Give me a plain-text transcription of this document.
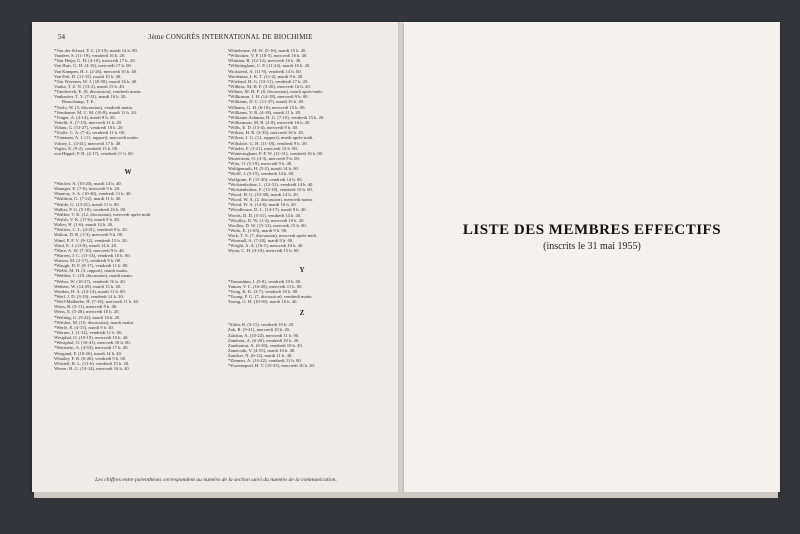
54	3ème CONGRÈS INTERNATIONAL DE BIOCHIMIE
*Van der Schaaf, P. C. (2-10), mardi 14 h. 00.
Vandeer, S. (11-19), vendredi 16 h. 20.
*Van Heijn, G. H. (4-10), mercredi 17 h. 20.
Van Huis, G. H. (4-10), mercredi 17 h. 00.
Van Kampen, H. J. (2-26), mercredi 10 h. 40.
Van Pelt, D. (11-15), mardi 10 h. 40.
*Van Waveren, W. J. (10-58), mardi 16 h. 40.
Vanha, T. Z. N. (13-2), mardi 15 h. 40.
*Vandervelt, E. (8, discussion), vendredi matin.
Vanbartier, T. V. (7-31), mardi 16 h. 20.
Beauchamp, T. E.
*Veelo, W. (5, discussion), vendredi matin.
*Vendrame, M. C. M. (10-8), mardi 11 h. 20.
*Vinger, A. (4-14), mardi 9 h. 20.
Vettelli, A. (7-13), mercredi 11 h. 20.
Villani, G. (11-27), vendredi 10 h. 20.
*Violle, C. A. (7-4), vendredi 11 h. 00.
*Vintanen, A. I. (11, rapport), mercredi matin.
Volney, L. (3-41), mercredi 17 h. 40.
Vogler, E. (9-2), vendredi 15 h. 00.
von Hippel, P. H. (2-17), vendredi 11 h. 00.
W
*Wacker, A. (10-20), mardi 14 h. 40.
Waanger, E. (7-6), mercredi 9 h. 20.
Waanray, S. A. (10-40), vendredi 11 h. 40.
*Waldron, G. (7-22), mardi 11 h. 40.
*Walde, G. (13-21), mardi 11 h. 00.
Walker, P. G. (5-18), vendredi 16 h. 00.
*Walker, T. K. (12, discussion), mercredi après-midi.
*Walsh, V. K. (17-6), mardi 9 h. 40.
Walter, H. (1-6), mardi 14 h. 40.
*Walters, C. L. (4-41), vendredi 9 h. 20.
Walton, D. R. (1-3), mercredi 9 h. 00.
Wand, P. F. V. (9-12), vendredi 15 h. 20.
Ward, E. J. (13-8), mardi 14 h. 20.
*Ware, A. W. (7-10), mercredi 9 h. 40.
*Warren, J. C. (11-14), vendredi 10 h. 00.
Watson, M. (2-17), vendredi 9 h. 00.
*Waugh, D. F. (9-17), vendredi 11 h. 00.
*Webb, M. H. (3, rapport), mardi matin.
*Webber, C. (10, discussion), mardi matin.
*Weber, W. (10-27), vendredi 16 h. 40.
Webster, W. (14-29), mardi 15 h. 20.
Weeden, H. A. (13-14), mardi 11 h. 00.
*Weil, J. D. (3-19), vendredi 14 h. 20.
*Weil-Malherbe, H. (7-16), mercredi 11 h. 40.
Weiss, B. (3-11), mercredi 9 h. 40.
Weiss, E. (5-26), mercredi 10 h. 20.
*Welting, G. (5-22), mardi 16 h. 20.
*Weldon, M. (10, discussion), mardi matin.
*Werle, E. (4-15), mardi 9 h. 40.
*Werner, I. (1-12), vendredi 11 h. 00.
Westphal, O. (10-19), mercredi 15 h. 40.
*Westphal, O. (10-41), mercredi 10 h. 00.
*Wettstein, A. (4-53), mercredi 17 h. 40.
Weygand, F. (10-26), mardi 14 h. 40.
Whatley, F. R. (6-26), vendredi 9 h. 00.
Whistell, R. L. (11-6), vendredi 15 h. 20.
Wieser, H. G. (14-14), mercredi 16 h. 40.
Whitehouse, M. W. (5-16), mardi 15 h. 20.
*Whittaker, V. P. (10-5), mercredi 16 h. 40.
Whittam, R. (12-12), mercredi 16 h. 40.
*Whittingham, C. P. (11-24), mardi 16 h. 20.
Wicksteed, A. (11-9), vendredi 14 h. 00.
Wiedeman, I. K. T. (11-2), mardi 9 h. 20.
*Wieland, H. G. (13-11), vendredi 17 h. 20.
*Wilkins, M. H. F. (3-26), mercredi 16 h. 20.
Wilkins, M. H. F. (8, discussion), mardi après-midi.
*Wilkinson, J. H. (14-18), mercredi 9 h. 00.
*Williams, D. C. (11-37), mardi 10 h. 40.
Williams, G. H. (6-10), mercredi 15 h. 00.
*Williams, V. R. (4-18), mardi 11 h. 20.
*Williams-Ashman, H. G. (7-10), vendredi 15 h. 20.
*Williamson, M. B. (2-8), mercredi 16 h. 20.
*Wills, E. D. (13-4), mercredi 9 h. 40.
*Wilson, H. R. (3-33), mercredi 16 h. 20.
*Wilson, J. G. (12, rapport), mardi après-midi.
*Wiltshire, G. H. (11-18), vendredi 9 h. 20.
*Winder, F. (1-21), mercredi 15 h. 00.
*Winteringham, F. P. W. (11-31), vendredi 16 h. 00.
Winterstein, O. (4-3), mercredi 9 h. 00.
*Wiss, O. (5-19), mercredi 9 h. 40.
Wohlgemuth, H. (5-2), mardi 14 h. 00.
*Wolff, J. (5-15), vendredi 14 h. 00.
Wolfgram, F. (15-20), vendredi 14 h. 00.
*Wolstenholme, L. (12-31), vendredi 14 h. 40.
*Wolstenholme, F. (13-18), vendredi 10 h. 00.
*Wood, H. G. (10-38), mardi 14 h. 20.
*Wood, W. A. (2, discussion), mercredi matin.
*Wood, W. A. (14-6), mardi 10 h. 20.
*Woodhouse, D. L. (14-17), mardi 9 h. 40.
Woods, D. D. (5-31), vendredi 14 h. 40.
*Woolley, D. W. (1-4), mercredi 10 h. 20.
Woolley, D. W. (15-12), mercredi 15 h. 00.
*Work, E. (1-65), mardi 9 h. 00.
Work, T. S. (7, discussion), mercredi après-midi.
*Wormall, A. (7-20), mardi 9 h. 00.
*Wright, A. A. (16-1), mercredi 10 h. 40.
Wynn, C. H. (4-19), mercredi 15 h. 00.
Y
*Yamashina, I. (5-8), vendredi 10 h. 00.
Yaman, V. L. (16-28), mercredi 11 h. 00.
*Yong, K. K. (3-7), vendredi 10 h. 00.
*Young, F. G. (7, discussion), vendredi matin.
Young, G. H. (10-50), mardi 16 h. 40.
Z
*Zahn, R. (3-11), vendredi 10 h. 20.
Zak, R. (9-41), mercredi 10 h. 20.
Zalokar, A. (10-22), mercredi 11 h. 00.
Zamboni, A. (6-20), vendredi 10 h. 20.
Zambonini, A. (6-30), vendredi 10 h. 40.
Zamecnik, V. (4-55), mardi 10 h. 40.
Zaucker, N. (6-12), mardi 11 h. 40.
*Zimmer, A. (14-22), vendredi 11 h. 00.
*Zwaenepoel, H. T. (10-35), mercredi 16 h. 20.
Les chiffres entre parenthèses correspondent au numéro de la section suivi du numéro de la communication.
LISTE DES MEMBRES EFFECTIFS
(inscrits le 31 mai 1955)
